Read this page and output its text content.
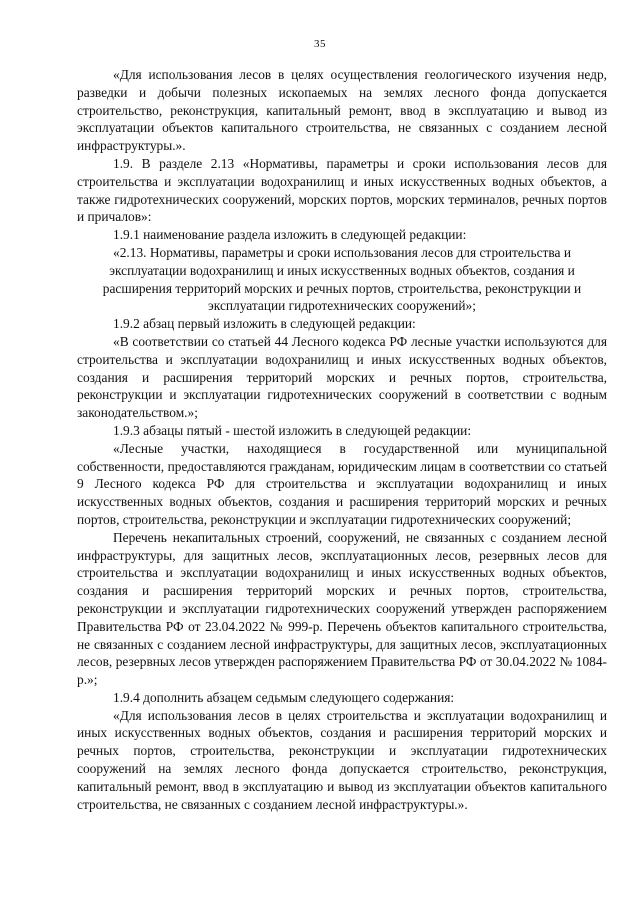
35

«Для использования лесов в целях осуществления геологического изучения недр, разведки и добычи полезных ископаемых на землях лесного фонда допускается строительство, реконструкция, капитальный ремонт, ввод в эксплуатацию и вывод из эксплуатации объектов капитального строительства, не связанных с созданием лесной инфраструктуры.».

1.9. В разделе 2.13 «Нормативы, параметры и сроки использования лесов для строительства и эксплуатации водохранилищ и иных искусственных водных объектов, а также гидротехнических сооружений, морских портов, морских терминалов, речных портов и причалов»:

1.9.1 наименование раздела изложить в следующей редакции:

«2.13. Нормативы, параметры и сроки использования лесов для строительства и эксплуатации водохранилищ и иных искусственных водных объектов, создания и расширения территорий морских и речных портов, строительства, реконструкции и эксплуатации гидротехнических сооружений»;

1.9.2 абзац первый изложить в следующей редакции:

«В соответствии со статьей 44 Лесного кодекса РФ лесные участки используются для строительства и эксплуатации водохранилищ и иных искусственных водных объектов, создания и расширения территорий морских и речных портов, строительства, реконструкции и эксплуатации гидротехнических сооружений в соответствии с водным законодательством.»;

1.9.3 абзацы пятый - шестой изложить в следующей редакции:

«Лесные участки, находящиеся в государственной или муниципальной собственности, предоставляются гражданам, юридическим лицам в соответствии со статьей 9 Лесного кодекса РФ для строительства и эксплуатации водохранилищ и иных искусственных водных объектов, создания и расширения территорий морских и речных портов, строительства, реконструкции и эксплуатации гидротехнических сооружений;

Перечень некапитальных строений, сооружений, не связанных с созданием лесной инфраструктуры, для защитных лесов, эксплуатационных лесов, резервных лесов для строительства и эксплуатации водохранилищ и иных искусственных водных объектов, создания и расширения территорий морских и речных портов, строительства, реконструкции и эксплуатации гидротехнических сооружений утвержден распоряжением Правительства РФ от 23.04.2022 № 999-р. Перечень объектов капитального строительства, не связанных с созданием лесной инфраструктуры, для защитных лесов, эксплуатационных лесов, резервных лесов утвержден распоряжением Правительства РФ от 30.04.2022 № 1084-р.»;

1.9.4 дополнить абзацем седьмым следующего содержания:

«Для использования лесов в целях строительства и эксплуатации водохранилищ и иных искусственных водных объектов, создания и расширения территорий морских и речных портов, строительства, реконструкции и эксплуатации гидротехнических сооружений на землях лесного фонда допускается строительство, реконструкция, капитальный ремонт, ввод в эксплуатацию и вывод из эксплуатации объектов капитального строительства, не связанных с созданием лесной инфраструктуры.».
